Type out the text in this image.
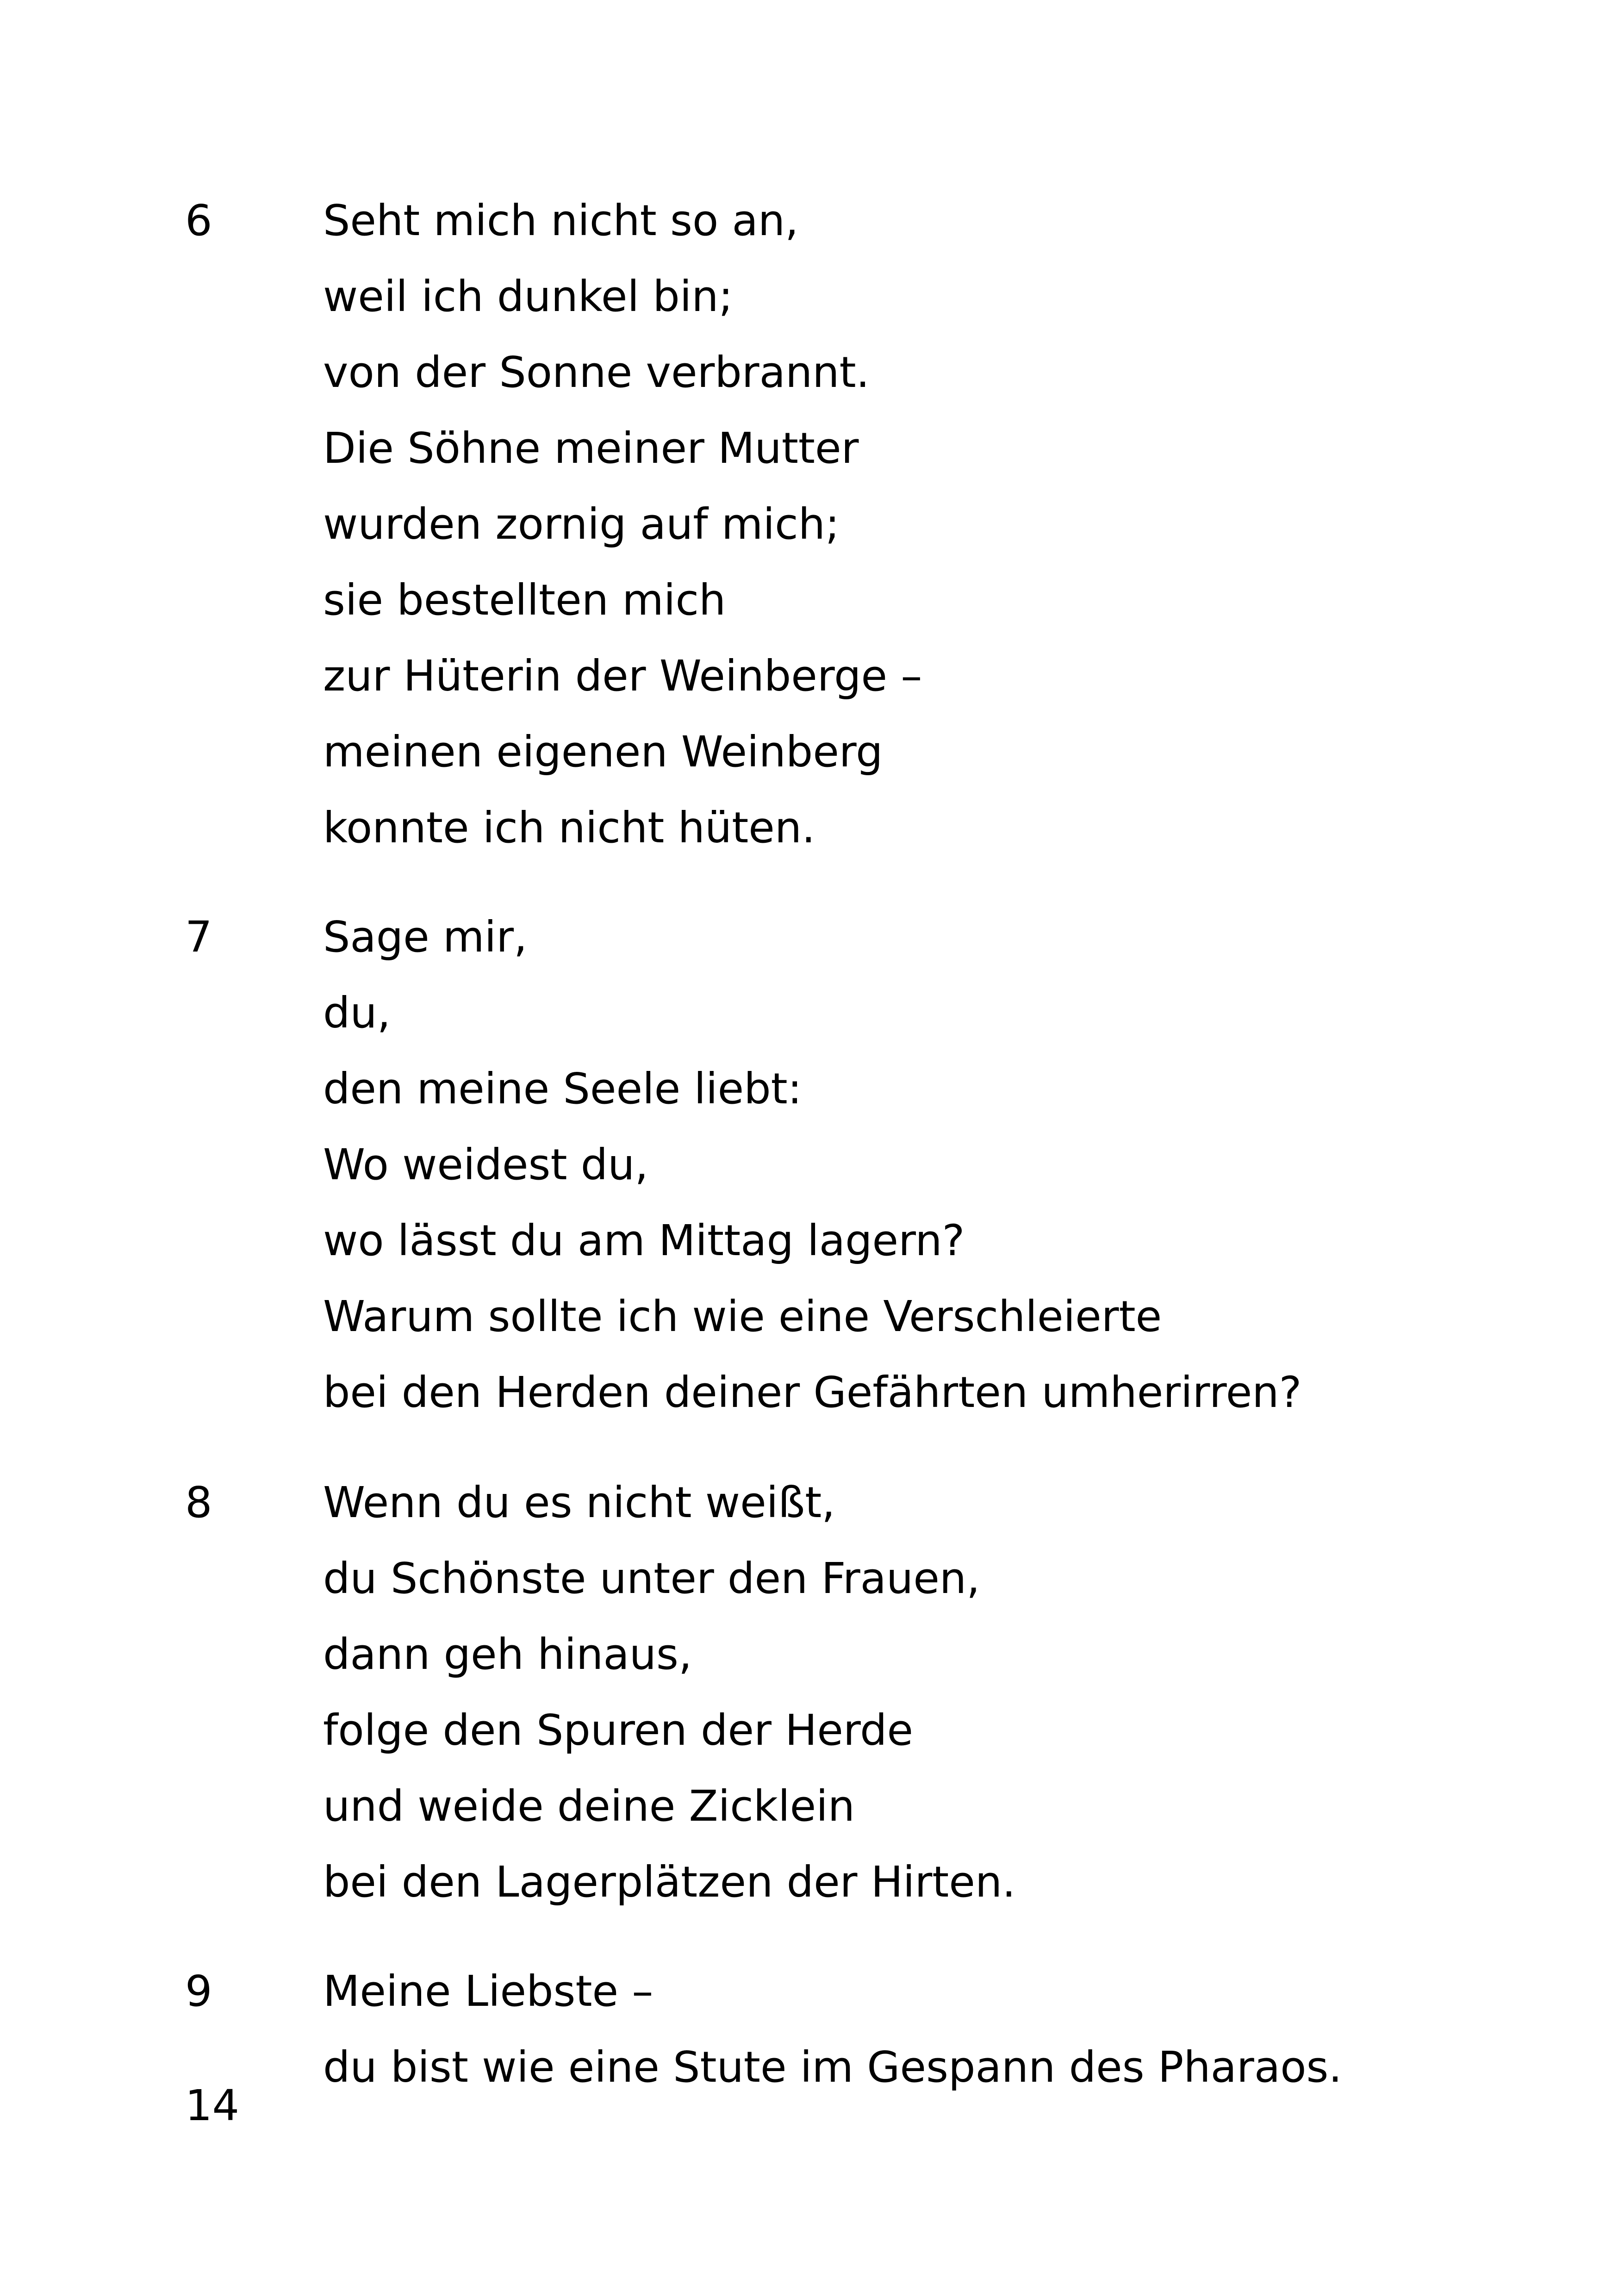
6	Seht mich nicht so an,
weil ich dunkel bin;
von der Sonne verbrannt.
Die Söhne meiner Mutter
wurden zornig auf mich;
sie bestellten mich
zur Hüterin der Weinberge –
meinen eigenen Weinberg
konnte ich nicht hüten.
7	Sage mir,
du,
den meine Seele liebt:
Wo weidest du,
wo lässt du am Mittag lagern?
Warum sollte ich wie eine Verschleierte
bei den Herden deiner Gefährten umherirren?
8	Wenn du es nicht weißt,
du Schönste unter den Frauen,
dann geh hinaus,
folge den Spuren der Herde
und weide deine Zicklein
bei den Lagerplätzen der Hirten.
9	Meine Liebste –
du bist wie eine Stute im Gespann des Pharaos.
14
